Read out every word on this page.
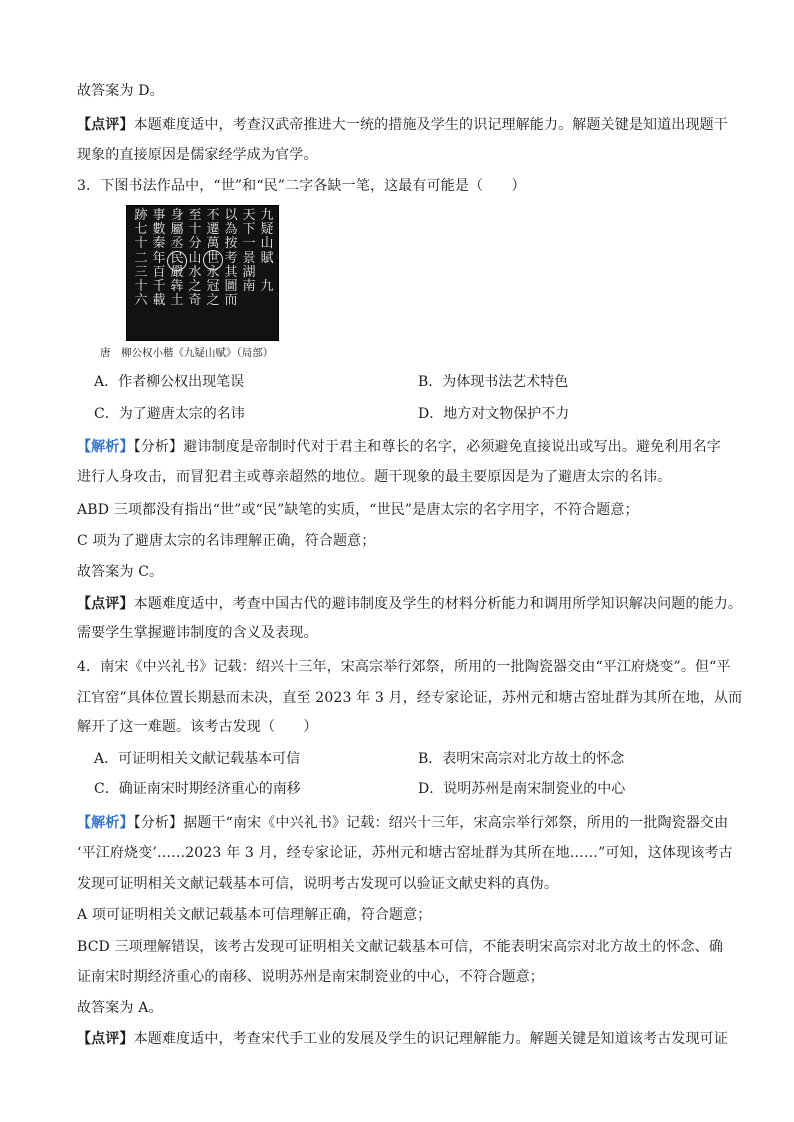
故答案为 D。
【点评】本题难度适中，考查汉武帝推进大一统的措施及学生的识记理解能力。解题关键是知道出现题干
现象的直接原因是儒家经学成为官学。
3．下图书法作品中，“世”和“民”二字各缺一笔，这最有可能是（　　）
九
疑
山
賦

九
天
下
一
景
湖
南
以
為
按
考
其
圖
而
不
遷
萬
世
永
冠
之
至
十
分
山
水
之
奇
身
屬
丞
民
嚴
犇
土
事
數
秦
年
百
千
載
跡
七
十
二
三
十
六
唐　柳公权小楷《九疑山赋》（局部）
A．作者柳公权出现笔误	B．为体现书法艺术特色
C．为了避唐太宗的名讳	D．地方对文物保护不力
【解析】【分析】避讳制度是帝制时代对于君主和尊长的名字，必须避免直接说出或写出。避免利用名字
进行人身攻击，而冒犯君主或尊亲超然的地位。题干现象的最主要原因是为了避唐太宗的名讳。
ABD 三项都没有指出“世”或“民”缺笔的实质，“世民”是唐太宗的名字用字，不符合题意；
C 项为了避唐太宗的名讳理解正确，符合题意；
故答案为 C。
【点评】本题难度适中，考查中国古代的避讳制度及学生的材料分析能力和调用所学知识解决问题的能力。
需要学生掌握避讳制度的含义及表现。
4．南宋《中兴礼书》记载：绍兴十三年，宋高宗举行郊祭，所用的一批陶瓷器交由“平江府烧变”。但“平
江官窑”具体位置长期悬而未决，直至 2023 年 3 月，经专家论证，苏州元和塘古窑址群为其所在地，从而
解开了这一难题。该考古发现（　　）
A．可证明相关文献记载基本可信	B．表明宋高宗对北方故土的怀念
C．确证南宋时期经济重心的南移	D．说明苏州是南宋制瓷业的中心
【解析】【分析】据题干“南宋《中兴礼书》记载：绍兴十三年，宋高宗举行郊祭，所用的一批陶瓷器交由
‘平江府烧变’……2023 年 3 月，经专家论证，苏州元和塘古窑址群为其所在地……”可知，这体现该考古
发现可证明相关文献记载基本可信，说明考古发现可以验证文献史料的真伪。
A 项可证明相关文献记载基本可信理解正确，符合题意；
BCD 三项理解错误，该考古发现可证明相关文献记载基本可信，不能表明宋高宗对北方故土的怀念、确
证南宋时期经济重心的南移、说明苏州是南宋制瓷业的中心，不符合题意；
故答案为 A。
【点评】本题难度适中，考查宋代手工业的发展及学生的识记理解能力。解题关键是知道该考古发现可证
